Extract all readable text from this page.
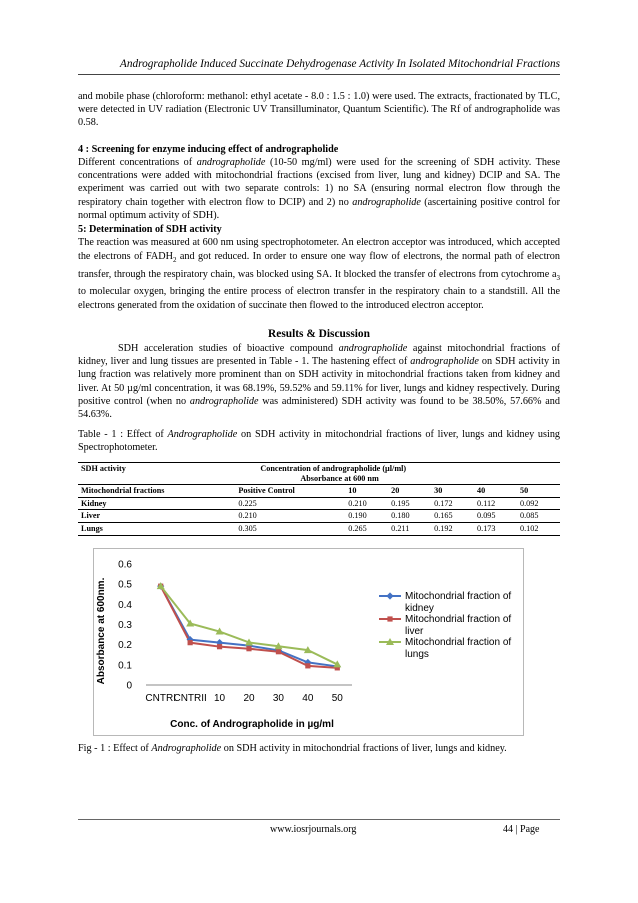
Andrographolide Induced Succinate Dehydrogenase Activity In Isolated Mitochondrial Fractions
and mobile phase (chloroform: methanol: ethyl acetate - 8.0 : 1.5 : 1.0) were used. The extracts, fractionated by TLC, were detected in UV radiation (Electronic UV Transilluminator, Quantum Scientific). The Rf of andrographolide was 0.58.
4 : Screening for enzyme inducing effect of andrographolide
Different concentrations of andrographolide (10-50 mg/ml) were used for the screening of SDH activity. These concentrations were added with mitochondrial fractions (excised from liver, lung and kidney) DCIP and SA. The experiment was carried out with two separate controls: 1) no SA (ensuring normal electron flow through the respiratory chain together with electron flow to DCIP) and 2) no andrographolide (ascertaining positive control for normal optimum activity of SDH).
5: Determination of SDH activity
The reaction was measured at 600 nm using spectrophotometer. An electron acceptor was introduced, which accepted the electrons of $FADH_2$ and got reduced. In order to ensure one way flow of electrons, the normal path of electron transfer, through the respiratory chain, was blocked using SA. It blocked the transfer of electrons from cytochrome $a_3$ to molecular oxygen, bringing the entire process of electron transfer in the respiratory chain to a standstill. All the electrons generated from the oxidation of succinate then flowed to the introduced electron acceptor.
Results & Discussion
SDH acceleration studies of bioactive compound andrographolide against mitochondrial fractions of kidney, liver and lung tissues are presented in Table - 1. The hastening effect of andrographolide on SDH activity in lung fraction was relatively more prominent than on SDH activity in mitochondrial fractions taken from kidney and liver. At 50 µg/ml concentration, it was 68.19%, 59.52% and 59.11% for liver, lungs and kidney respectively. During positive control (when no andrographolide was administered) SDH activity was found to be 38.50%, 57.66% and 54.63%.
Table - 1 : Effect of Andrographolide on SDH activity in mitochondrial fractions of liver, lungs and kidney using Spectrophotometer.
SDH activity	Concentration of andrographolide (µl/ml)
Absorbance at 600 nm					

Mitochondrial fractions	Positive Control	10	20	30	40	50
Kidney	0.225	0.210	0.195	0.172	0.112	0.092
Liver	0.210	0.190	0.180	0.165	0.095	0.085
Lungs	0.305	0.265	0.211	0.192	0.173	0.102
0
0.1
0.2
0.3
0.4
0.5
0.6
CNTRI
CNTRII 10 20 30 40 50
Absorbance at 600nm.
Conc. of Andrographolide in µg/ml
Mitochondrial fraction of kidney
Mitochondrial fraction of liver
Mitochondrial fraction of lungs
Fig - 1 : Effect of Andrographolide on SDH activity in mitochondrial fractions of liver, lungs and kidney.
www.iosrjournals.org	44 | Page
